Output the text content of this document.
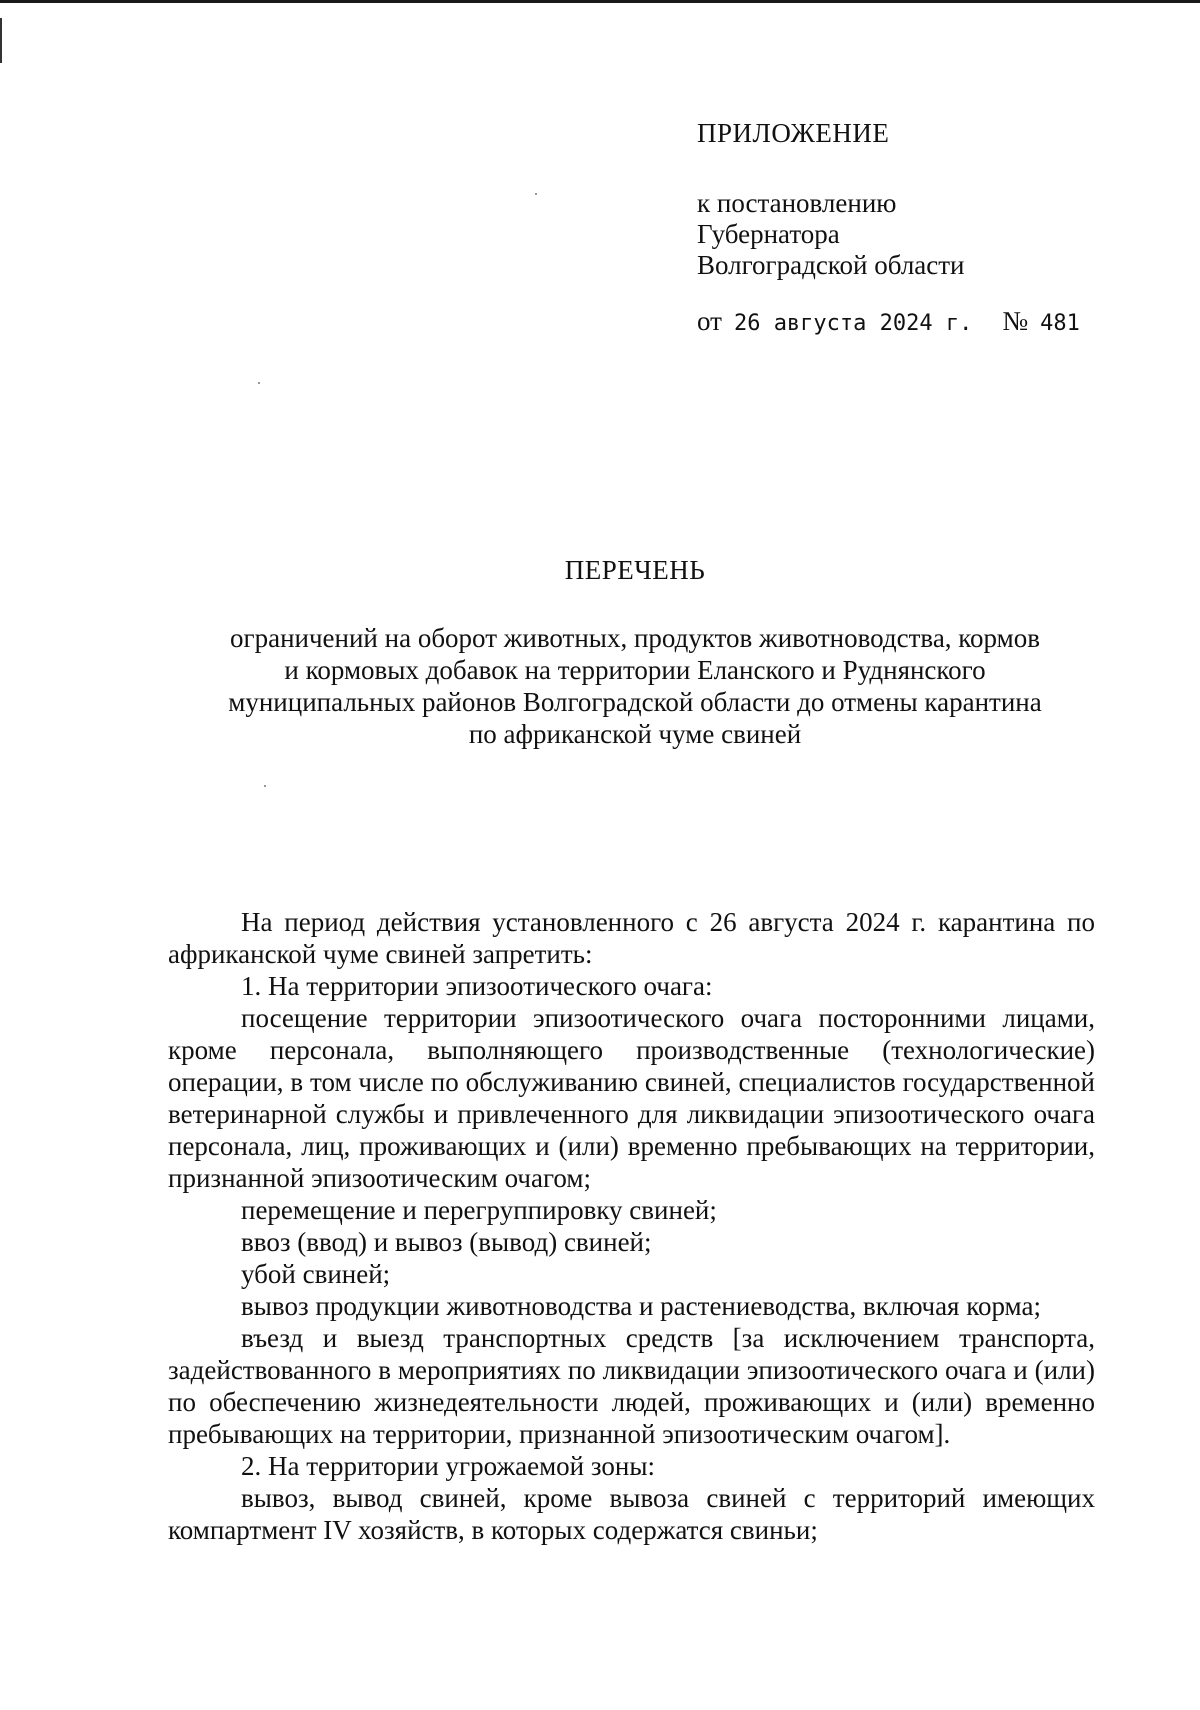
ПРИЛОЖЕНИЕ
к постановлению
Губернатора
Волгоградской области
от 26 августа 2024 г. № 481
ПЕРЕЧЕНЬ
ограничений на оборот животных, продуктов животноводства, кормов
и кормовых добавок на территории Еланского и Руднянского
муниципальных районов Волгоградской области до отмены карантина
по африканской чуме свиней

На период действия установленного с 26 августа 2024 г. карантина по африканской чуме свиней запретить:

1. На территории эпизоотического очага:

посещение территории эпизоотического очага посторонними лицами, кроме персонала, выполняющего производственные (технологические) операции, в том числе по обслуживанию свиней, специалистов государственной ветеринарной службы и привлеченного для ликвидации эпизоотического очага персонала, лиц, проживающих и (или) временно пребывающих на территории, признанной эпизоотическим очагом;

перемещение и перегруппировку свиней;

ввоз (ввод) и вывоз (вывод) свиней;

убой свиней;

вывоз продукции животноводства и растениеводства, включая корма;

въезд и выезд транспортных средств [за исключением транспорта, задействованного в мероприятиях по ликвидации эпизоотического очага и (или) по обеспечению жизнедеятельности людей, проживающих и (или) временно пребывающих на территории, признанной эпизоотическим очагом].

2. На территории угрожаемой зоны:

вывоз, вывод свиней, кроме вывоза свиней с территорий имеющих компартмент IV хозяйств, в которых содержатся свиньи;
